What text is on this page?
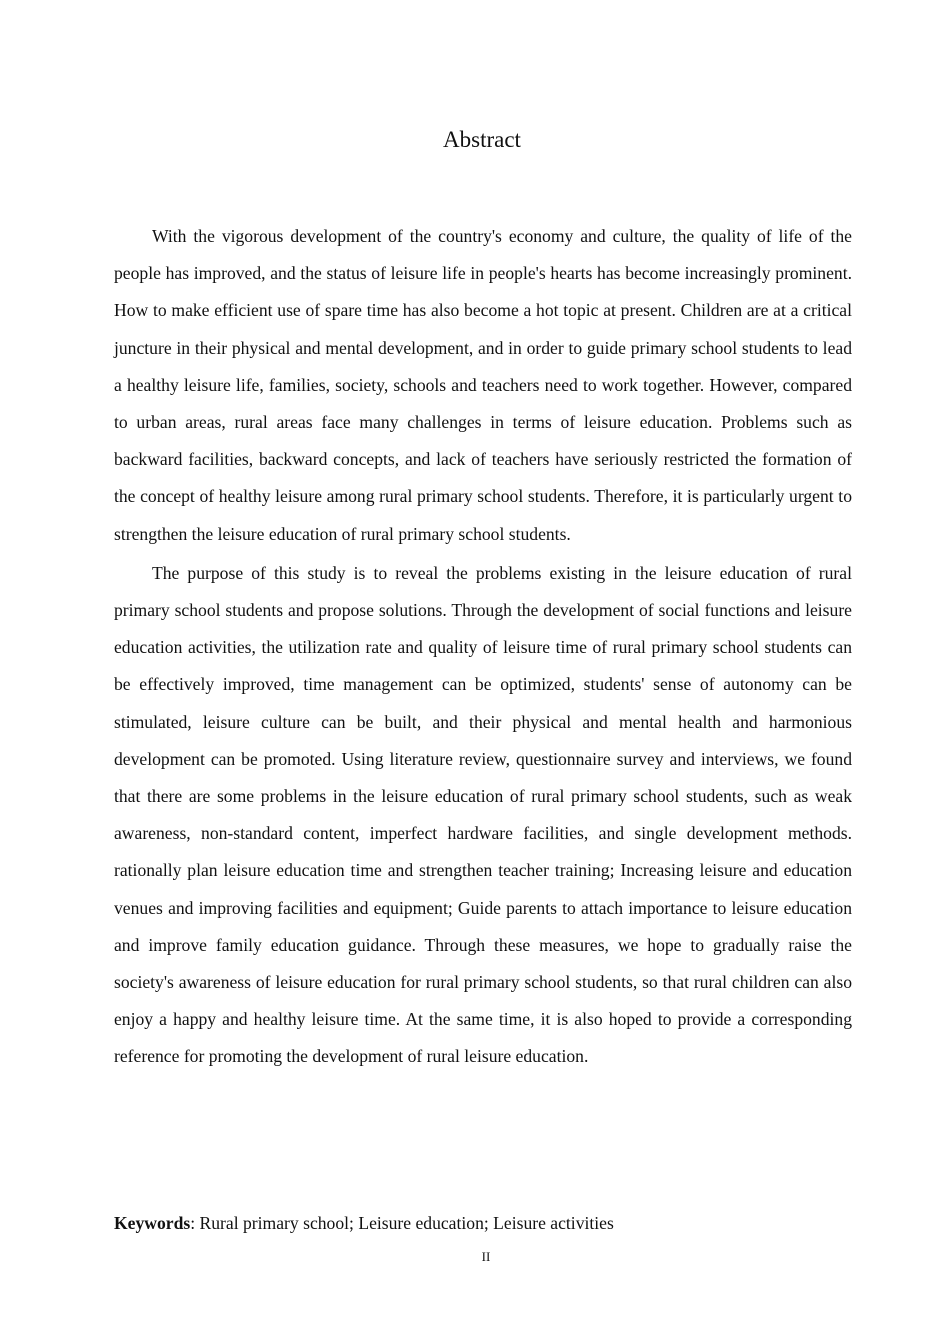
Abstract

With the vigorous development of the country's economy and culture, the quality of life of the people has improved, and the status of leisure life in people's hearts has become increasingly prominent. How to make efficient use of spare time has also become a hot topic at present. Children are at a critical juncture in their physical and mental development, and in order to guide primary school students to lead a healthy leisure life, families, society, schools and teachers need to work together. However, compared to urban areas, rural areas face many challenges in terms of leisure education. Problems such as backward facilities, backward concepts, and lack of teachers have seriously restricted the formation of the concept of healthy leisure among rural primary school students. Therefore, it is particularly urgent to strengthen the leisure education of rural primary school students.

The purpose of this study is to reveal the problems existing in the leisure education of rural primary school students and propose solutions. Through the development of social functions and leisure education activities, the utilization rate and quality of leisure time of rural primary school students can be effectively improved, time management can be optimized, students' sense of autonomy can be stimulated, leisure culture can be built, and their physical and mental health and harmonious development can be promoted. Using literature review, questionnaire survey and interviews, we found that there are some problems in the leisure education of rural primary school students, such as weak awareness, non-standard content, imperfect hardware facilities, and single development methods. rationally plan leisure education time and strengthen teacher training; Increasing leisure and education venues and improving facilities and equipment; Guide parents to attach importance to leisure education and improve family education guidance. Through these measures, we hope to gradually raise the society's awareness of leisure education for rural primary school students, so that rural children can also enjoy a happy and healthy leisure time. At the same time, it is also hoped to provide a corresponding reference for promoting the development of rural leisure education.

Keywords: Rural primary school; Leisure education; Leisure activities

II
